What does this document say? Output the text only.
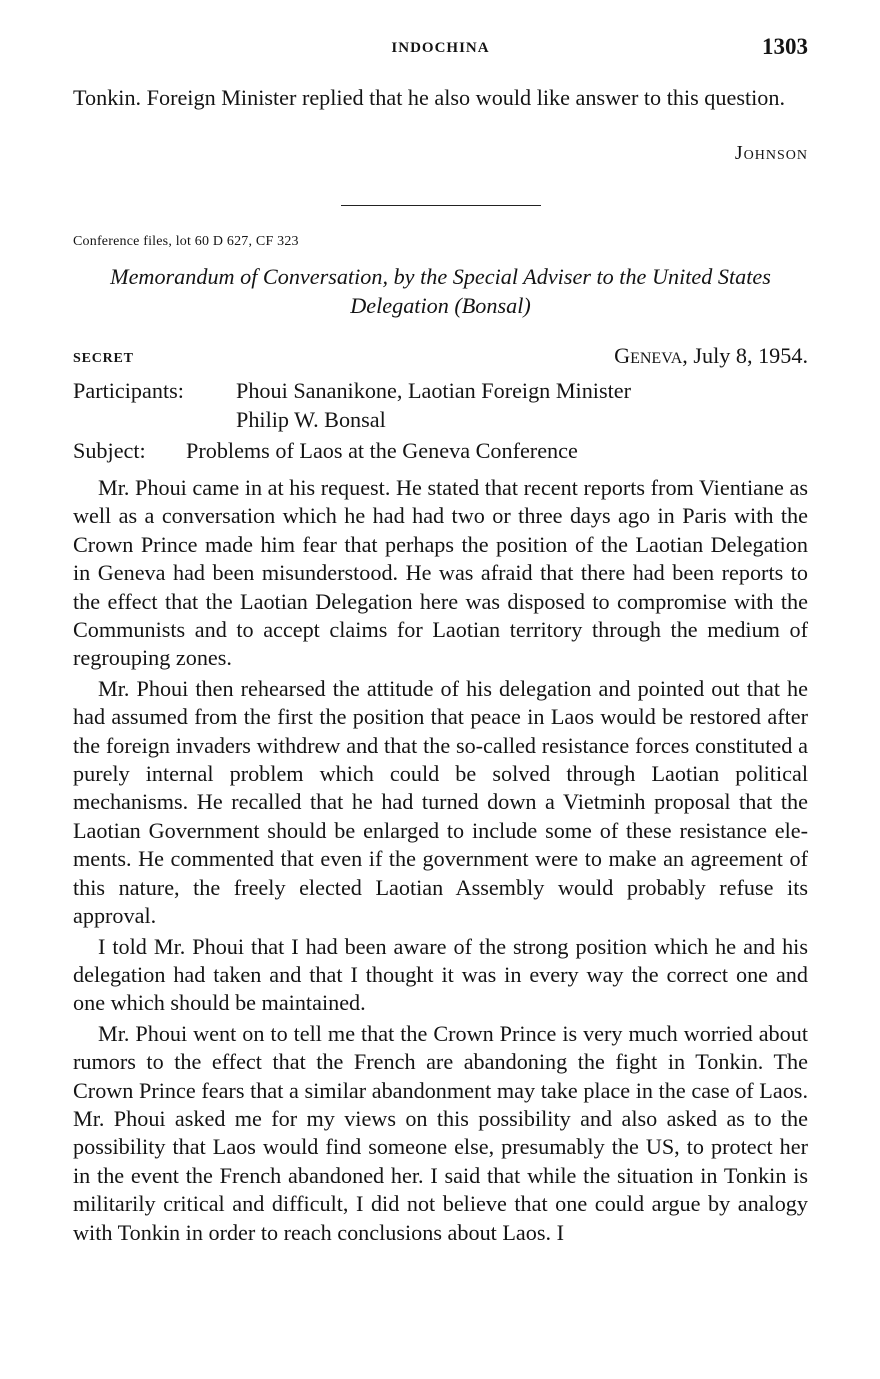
INDOCHINA	1303

Tonkin. Foreign Minister replied that he also would like answer to this question.

Johnson
Conference files, lot 60 D 627, CF 323
Memorandum of Conversation, by the Special Adviser to the United States Delegation (Bonsal)
SECRET	Geneva, July 8, 1954.
Participants: Phoui Sananikone, Laotian Foreign Minister
Philip W. Bonsal
Subject: Problems of Laos at the Geneva Conference

Mr. Phoui came in at his request. He stated that recent reports from Vientiane as well as a conversation which he had had two or three days ago in Paris with the Crown Prince made him fear that perhaps the position of the Laotian Delegation in Geneva had been misunderstood. He was afraid that there had been reports to the effect that the Laotian Delegation here was disposed to compromise with the Communists and to accept claims for Laotian territory through the medium of regrouping zones.

Mr. Phoui then rehearsed the attitude of his delegation and pointed out that he had assumed from the first the position that peace in Laos would be restored after the foreign invaders withdrew and that the so-called resistance forces constituted a purely internal problem which could be solved through Laotian political mechanisms. He recalled that he had turned down a Vietminh proposal that the Laotian Government should be enlarged to include some of these resistance elements. He commented that even if the government were to make an agreement of this nature, the freely elected Laotian Assembly would probably refuse its approval.

I told Mr. Phoui that I had been aware of the strong position which he and his delegation had taken and that I thought it was in every way the correct one and one which should be maintained.

Mr. Phoui went on to tell me that the Crown Prince is very much worried about rumors to the effect that the French are abandoning the fight in Tonkin. The Crown Prince fears that a similar abandonment may take place in the case of Laos. Mr. Phoui asked me for my views on this possibility and also asked as to the possibility that Laos would find someone else, presumably the US, to protect her in the event the French abandoned her. I said that while the situation in Tonkin is militarily critical and difficult, I did not believe that one could argue by analogy with Tonkin in order to reach conclusions about Laos. I
